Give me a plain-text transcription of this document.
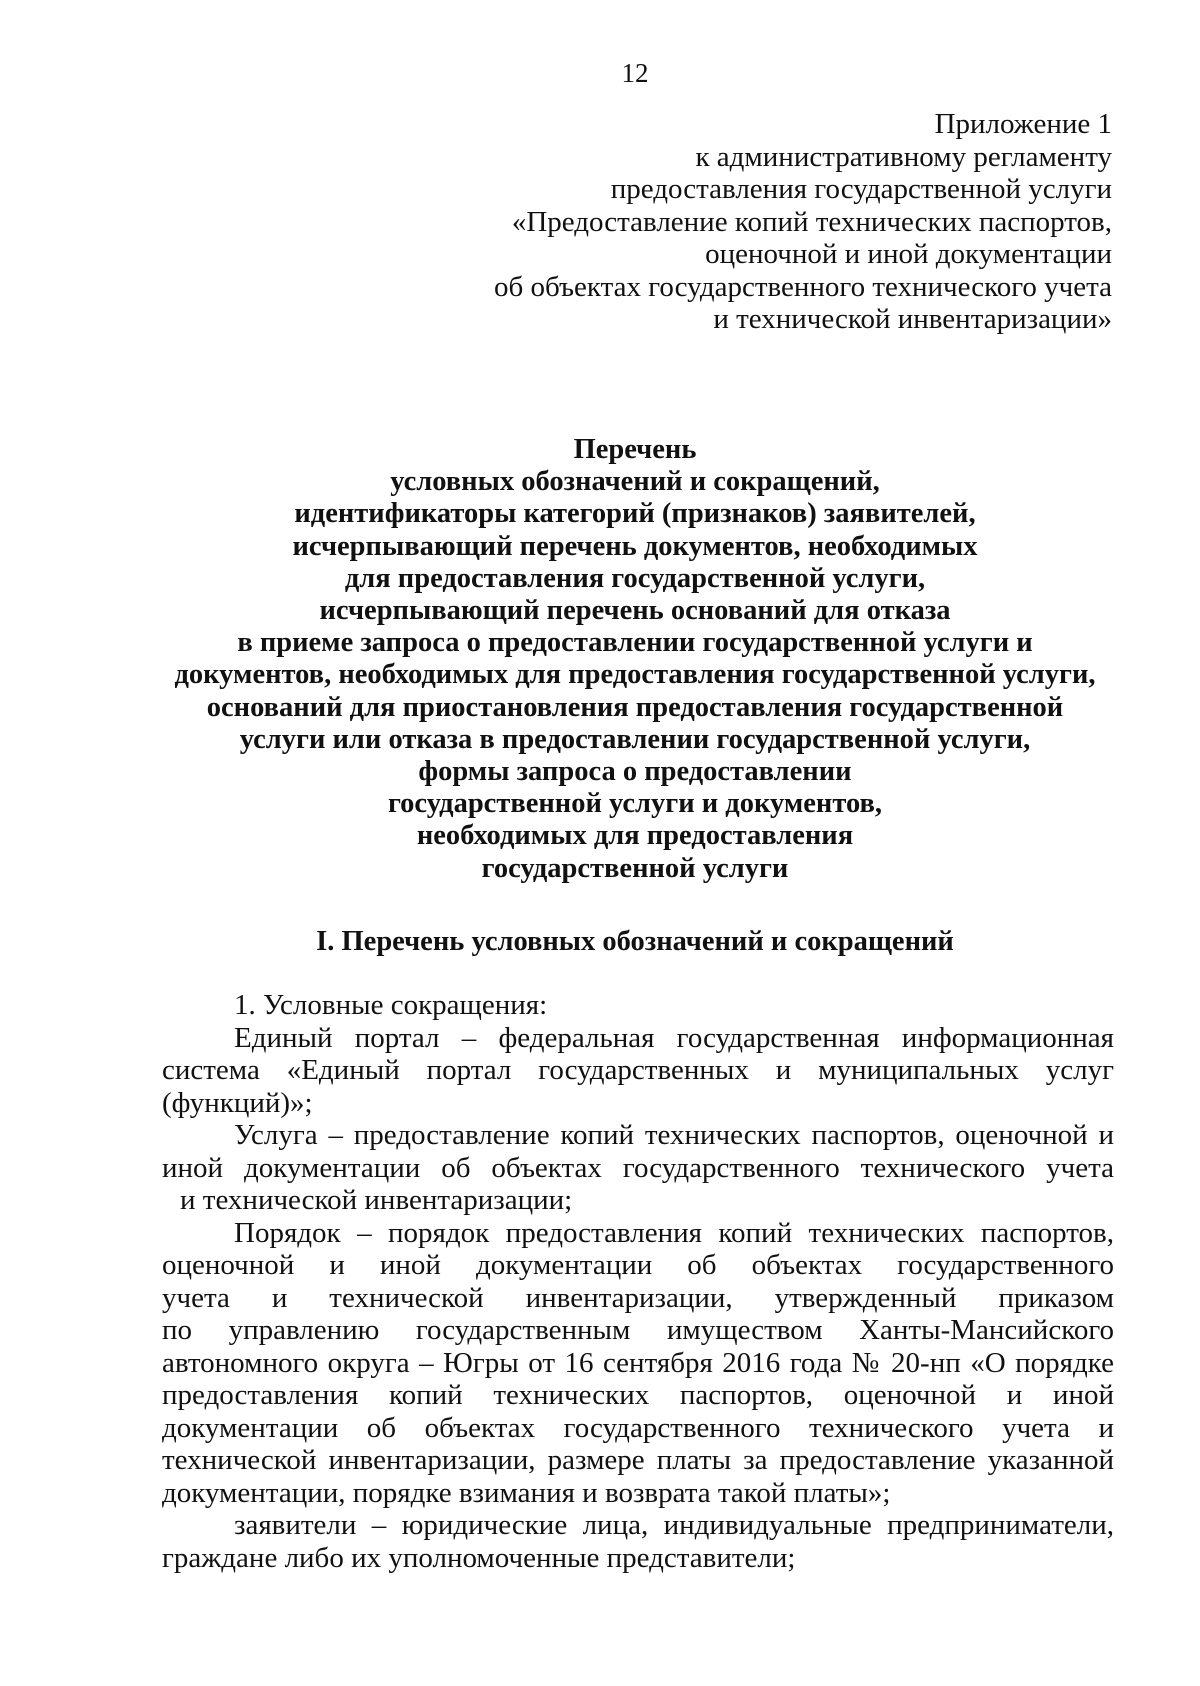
12
Приложение 1
к административному регламенту
предоставления государственной услуги
«Предоставление копий технических паспортов,
оценочной и иной документации
об объектах государственного технического учета
и технической инвентаризации»
Перечень
условных обозначений и сокращений,
идентификаторы категорий (признаков) заявителей,
исчерпывающий перечень документов, необходимых
для предоставления государственной услуги,
исчерпывающий перечень оснований для отказа
в приеме запроса о предоставлении государственной услуги и
документов, необходимых для предоставления государственной услуги,
оснований для приостановления предоставления государственной
услуги или отказа в предоставлении государственной услуги,
формы запроса о предоставлении
государственной услуги и документов,
необходимых для предоставления
государственной услуги
I. Перечень условных обозначений и сокращений
1. Условные сокращения:
Единый портал – федеральная государственная информационная
система «Единый портал государственных и муниципальных услуг
(функций)»;
Услуга – предоставление копий технических паспортов, оценочной и
иной документации об объектах государственного технического учета
и технической инвентаризации;
Порядок – порядок предоставления копий технических паспортов,
оценочной и иной документации об объектах государственного
учета и технической инвентаризации, утвержденный приказом
по управлению государственным имуществом Ханты-Мансийского
автономного округа – Югры от 16 сентября 2016 года № 20-нп «О порядке
предоставления копий технических паспортов, оценочной и иной
документации об объектах государственного технического учета и
технической инвентаризации, размере платы за предоставление указанной
документации, порядке взимания и возврата такой платы»;
заявители – юридические лица, индивидуальные предприниматели,
граждане либо их уполномоченные представители;
